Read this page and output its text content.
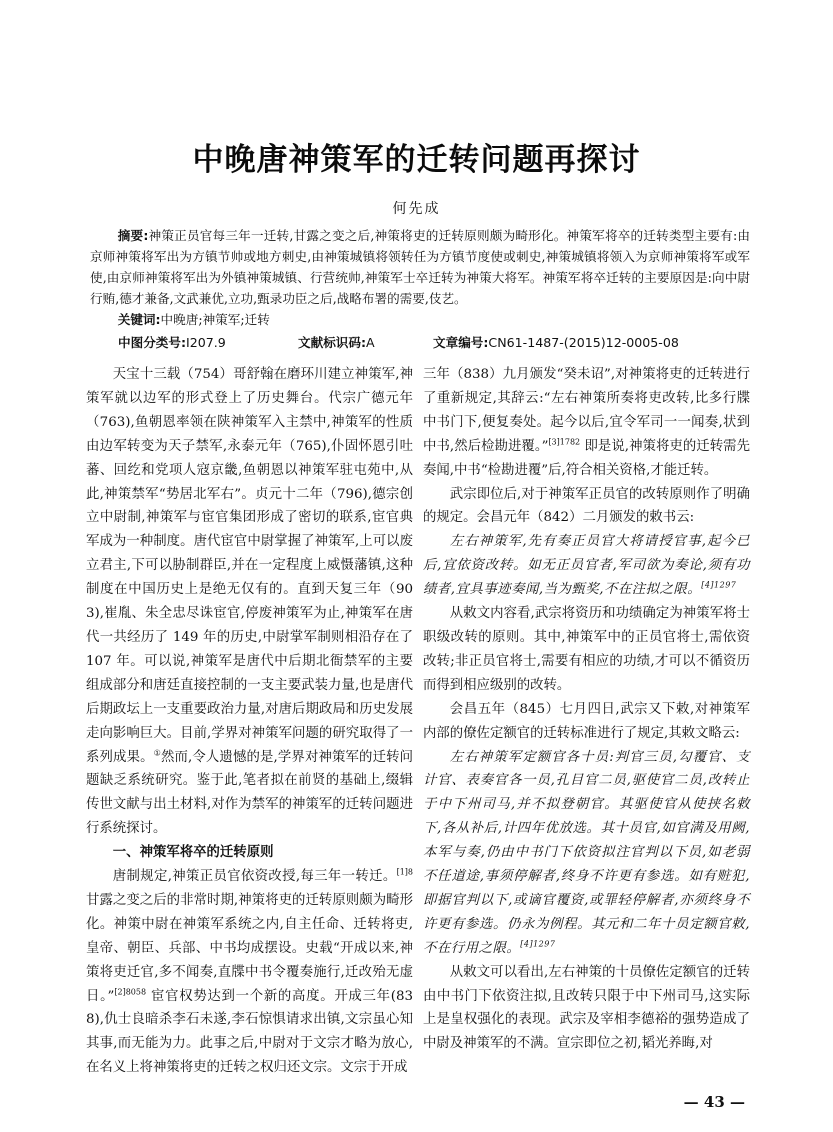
中晚唐神策军的迁转问题再探讨
何先成

摘要:神策正员官每三年一迁转,甘露之变之后,神策将吏的迁转原则颇为畸形化。神策军将卒的迁转类型主要有:由京师神策将军出为方镇节帅或地方刺史,由神策城镇将领转任为方镇节度使或刺史,神策城镇将领入为京师神策将军或军使,由京师神策将军出为外镇神策城镇、行营统帅,神策军士卒迁转为神策大将军。神策军将卒迁转的主要原因是:向中尉行贿,德才兼备,文武兼优,立功,甄录功臣之后,战略布署的需要,伎艺。

关键词:中晚唐;神策军;迁转

中图分类号:I207.9	文献标识码:A	文章编号:CN61-1487-(2015)12-0005-08

天宝十三载（754）哥舒翰在磨环川建立神策军,神策军就以边军的形式登上了历史舞台。代宗广德元年（763),鱼朝恩率领在陕神策军入主禁中,神策军的性质由边军转变为天子禁军,永泰元年（765),仆固怀恩引吐蕃、回纥和党项人寇京畿,鱼朝恩以神策军驻屯苑中,从此,神策禁军“势居北军右”。贞元十二年（796),德宗创立中尉制,神策军与宦官集团形成了密切的联系,宦官典军成为一种制度。唐代宦官中尉掌握了神策军,上可以废立君主,下可以胁制群臣,并在一定程度上威慑藩镇,这种制度在中国历史上是绝无仅有的。直到天复三年（903),崔胤、朱全忠尽诛宦官,停废神策军为止,神策军在唐代一共经历了 149 年的历史,中尉掌军制则相沿存在了 107 年。可以说,神策军是唐代中后期北衙禁军的主要组成部分和唐廷直接控制的一支主要武装力量,也是唐代后期政坛上一支重要政治力量,对唐后期政局和历史发展走向影响巨大。目前,学界对神策军问题的研究取得了一系列成果。①然而,令人遗憾的是,学界对神策军的迁转问题缺乏系统研究。鉴于此,笔者拟在前贤的基础上,缀辑传世文献与出土材料,对作为禁军的神策军的迁转问题进行系统探讨。

一、神策军将卒的迁转原则

唐制规定,神策正员官依资改授,每三年一转迁。$^{[1]8}$甘露之变之后的非常时期,神策将吏的迁转原则颇为畸形化。神策中尉在神策军系统之内,自主任命、迁转将吏,皇帝、朝臣、兵部、中书均成摆设。史载“开成以来,神策将吏迁官,多不闻奏,直牒中书令覆奏施行,迁改殆无虚日。”$^{[2]8058}$ 宦官权势达到一个新的高度。开成三年(838),仇士良暗杀李石未遂,李石惊惧请求出镇,文宗虽心知其事,而无能为力。此事之后,中尉对于文宗才略为放心,在名义上将神策将吏的迁转之权归还文宗。文宗于开成

三年（838）九月颁发“癸未诏”,对神策将吏的迁转进行了重新规定,其辞云:“左右神策所奏将吏改转,比多行牒中书门下,便复奏处。起今以后,宜令军司一一闻奏,状到中书,然后检勘进覆。”$^{[3]1782}$ 即是说,神策将吏的迁转需先奏闻,中书“检勘进覆”后,符合相关资格,才能迁转。

武宗即位后,对于神策军正员官的改转原则作了明确的规定。会昌元年（842）二月颁发的敕书云:

左右神策军,先有奏正员官大将请授官事,起今已后,宜依资改转。如无正员官者,军司欲为奏论,须有功绩者,宜具事迹奏闻,当为甄奖,不在注拟之限。$^{[4]1297}$

从敕文内容看,武宗将资历和功绩确定为神策军将士职级改转的原则。其中,神策军中的正员官将士,需依资改转;非正员官将士,需要有相应的功绩,才可以不循资历而得到相应级别的改转。

会昌五年（845）七月四日,武宗又下敕,对神策军内部的僚佐定额官的迁转标准进行了规定,其敕文略云:

左右神策军定额官各十员:判官三员,勾覆官、支计官、表奏官各一员,孔目官二员,驱使官二员,改转止于中下州司马,并不拟登朝官。其驱使官从使挟名敕下,各从补后,计四年优放选。其十员官,如官满及用阙,本军与奏,仍由中书门下依资拟注官判以下员,如老弱不任道途,事须停解者,终身不许更有参选。如有赃犯,即据官判以下,或谪官覆资,或罪轻停解者,亦须终身不许更有参选。仍永为例程。其元和二年十员定额官敕,不在行用之限。$^{[4]1297}$

从敕文可以看出,左右神策的十员僚佐定额官的迁转由中书门下依资注拟,且改转只限于中下州司马,这实际上是皇权强化的表现。武宗及宰相李德裕的强势造成了中尉及神策军的不满。宣宗即位之初,韬光养晦,对

— 43 —
